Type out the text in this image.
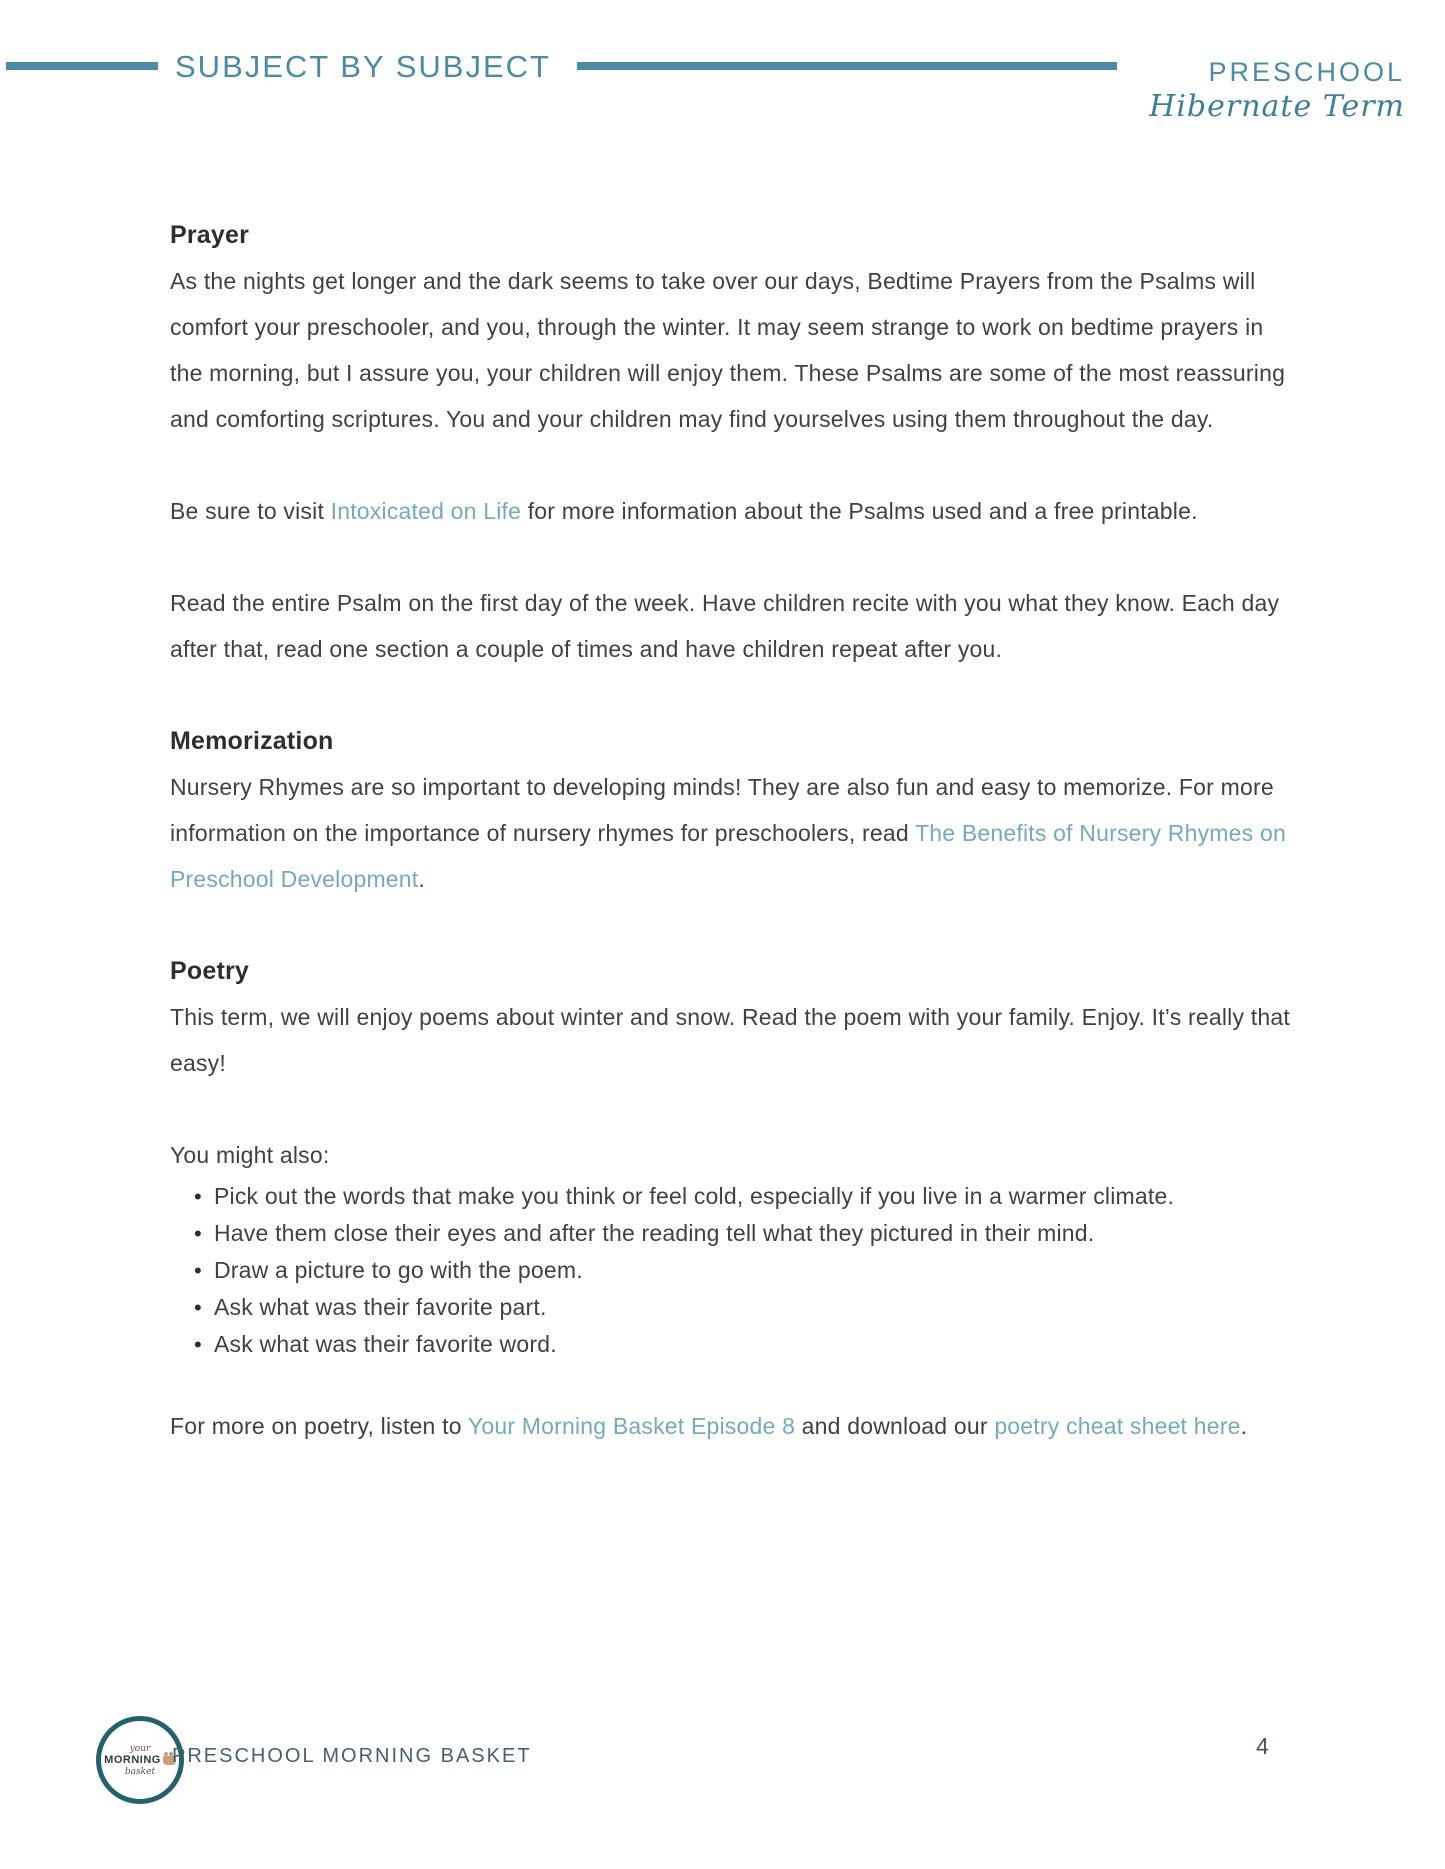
SUBJECT BY SUBJECT	PRESCHOOL
Hibernate Term
Prayer

As the nights get longer and the dark seems to take over our days, Bedtime Prayers from the Psalms will comfort your preschooler, and you, through the winter. It may seem strange to work on bedtime prayers in the morning, but I assure you, your children will enjoy them. These Psalms are some of the most reassuring and comforting scriptures. You and your children may find yourselves using them throughout the day.

Be sure to visit Intoxicated on Life for more information about the Psalms used and a free printable.

Read the entire Psalm on the first day of the week. Have children recite with you what they know. Each day after that, read one section a couple of times and have children repeat after you.

Memorization

Nursery Rhymes are so important to developing minds! They are also fun and easy to memorize. For more information on the importance of nursery rhymes for preschoolers, read The Benefits of Nursery Rhymes on Preschool Development.

Poetry

This term, we will enjoy poems about winter and snow. Read the poem with your family. Enjoy. It’s really that easy!

You might also:

• Pick out the words that make you think or feel cold, especially if you live in a warmer climate.
• Have them close their eyes and after the reading tell what they pictured in their mind.
• Draw a picture to go with the poem.
• Ask what was their favorite part.
• Ask what was their favorite word.

For more on poetry, listen to Your Morning Basket Episode 8 and download our poetry cheat sheet here.

your
MORNING
basket
PRESCHOOL MORNING BASKET	4
